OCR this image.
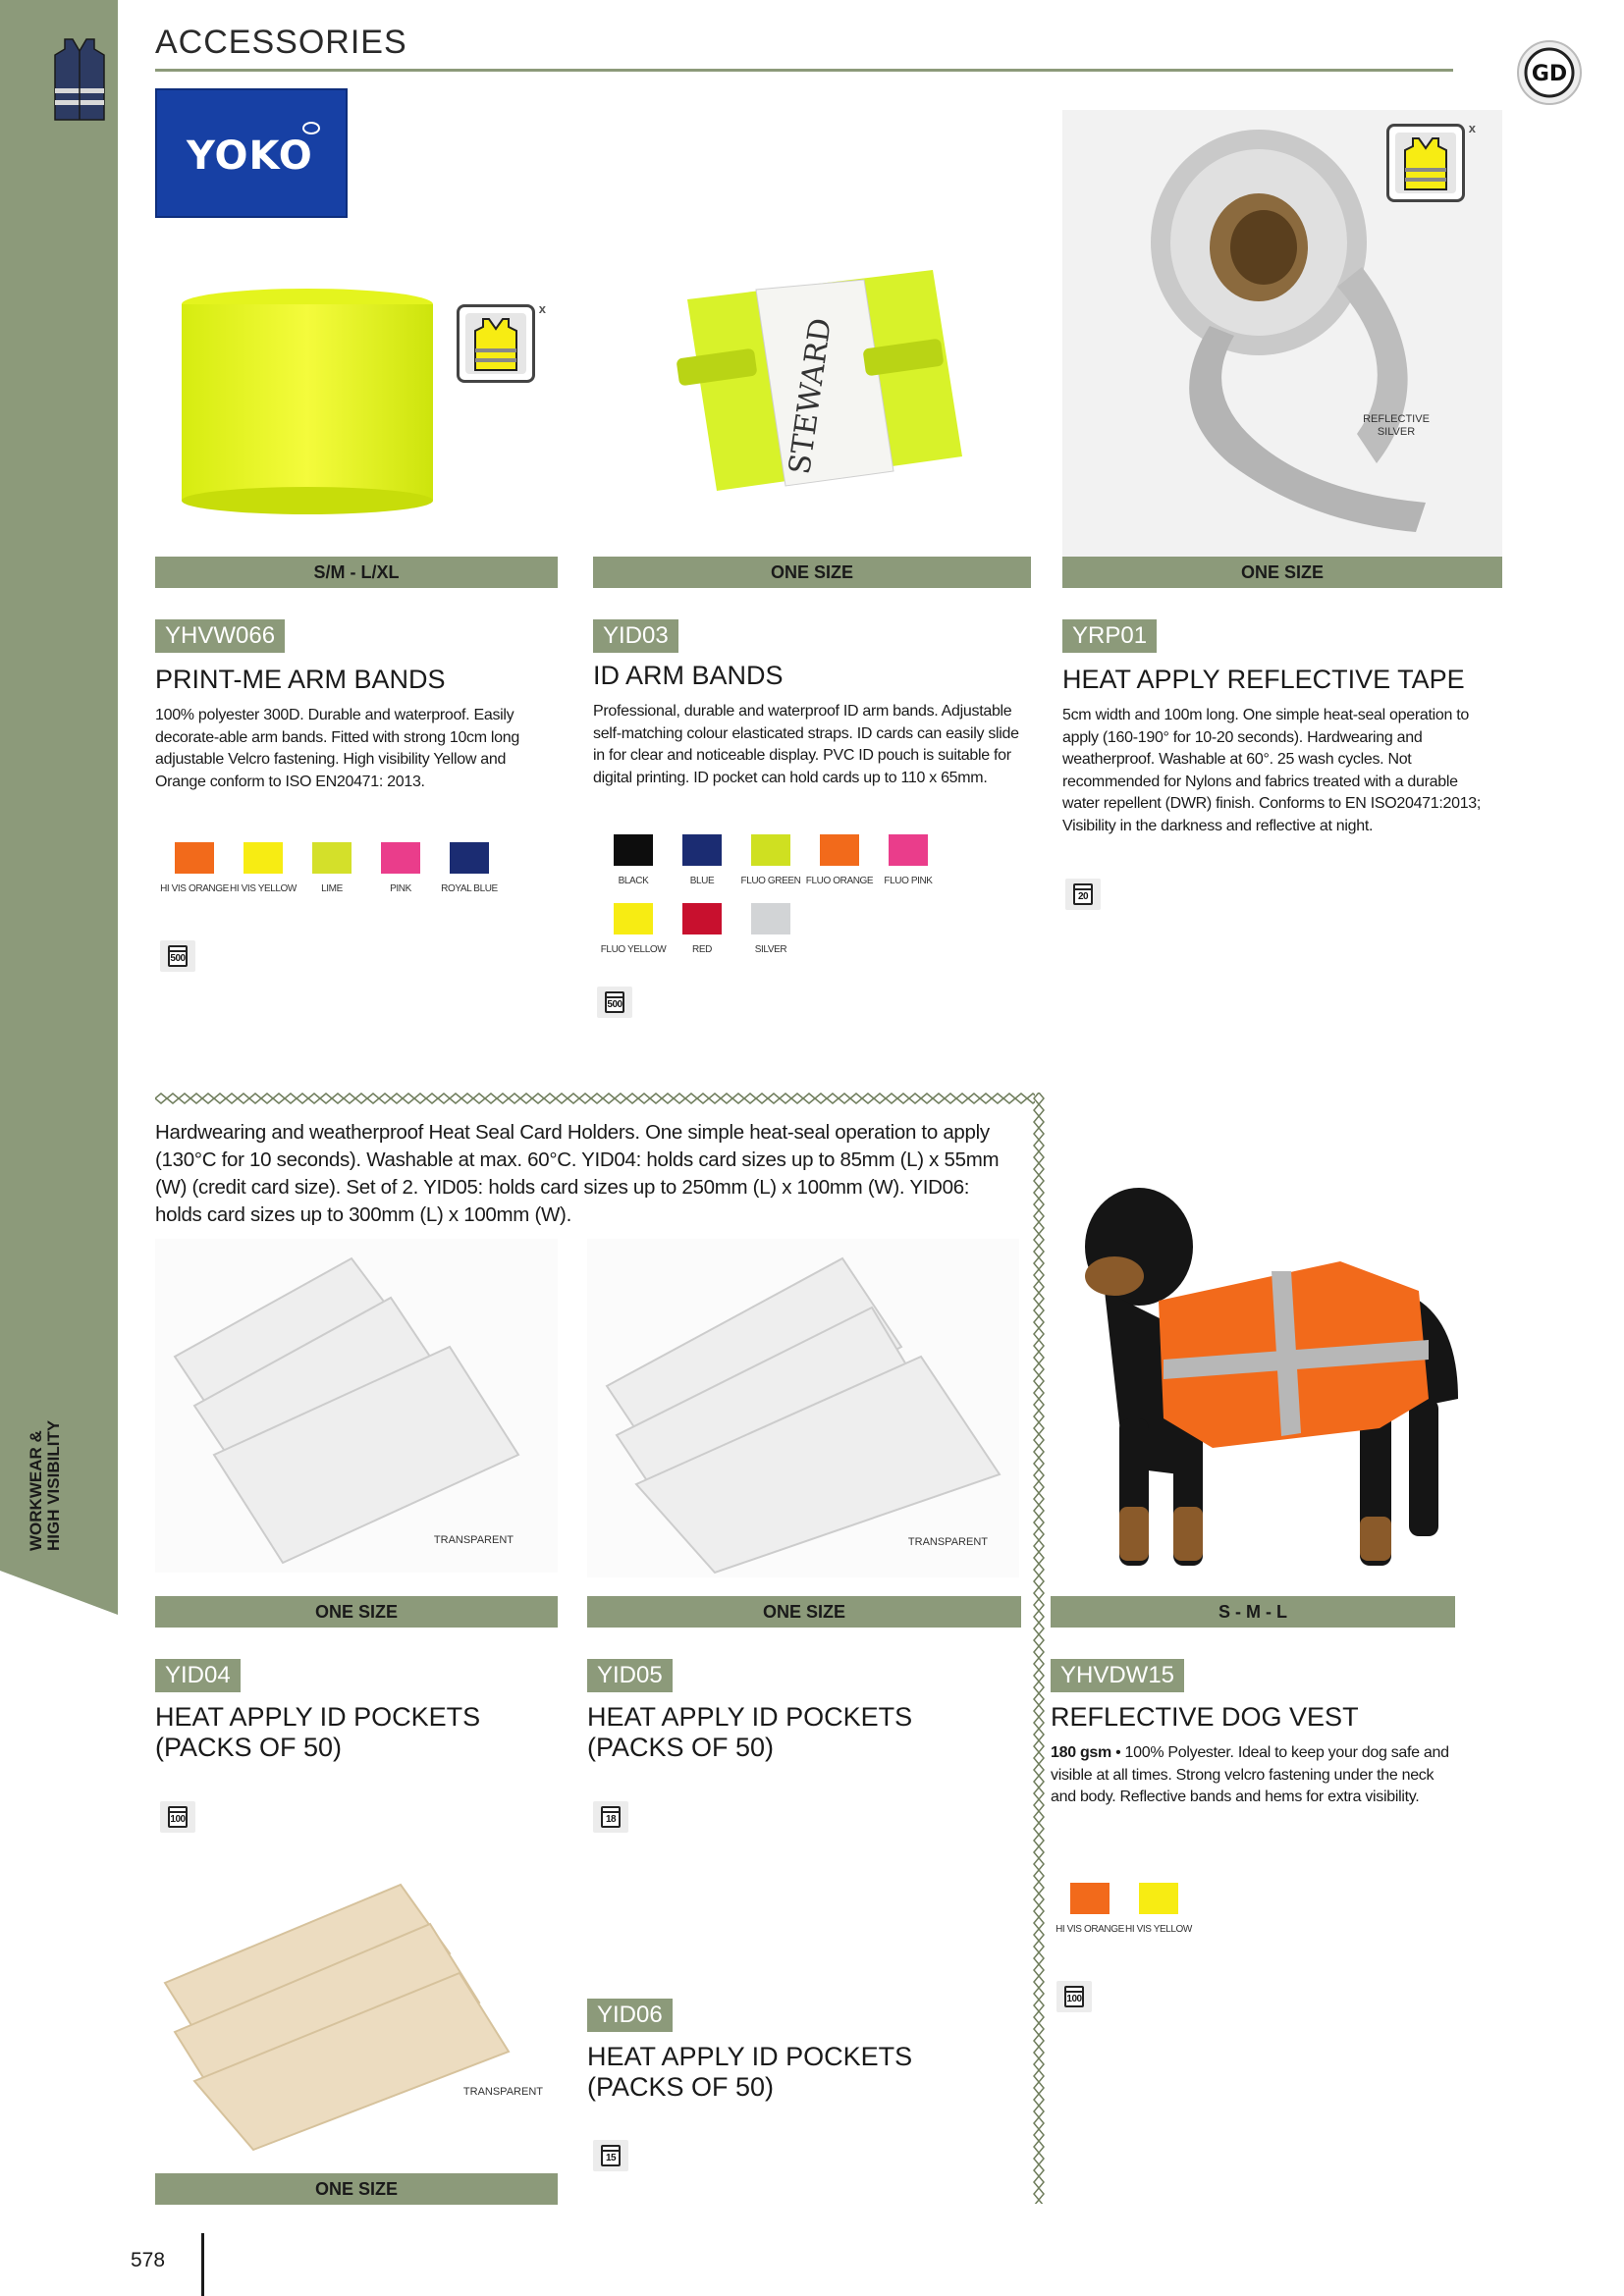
WORKWEAR & HIGH VISIBILITY
ACCESSORIES
GD
YOKO
x
S/M - L/XL
YHVW066
PRINT-ME ARM BANDS
100% polyester 300D. Durable and waterproof. Easily decorate-able arm bands. Fitted with strong 10cm long adjustable Velcro fastening. High visibility Yellow and Orange conform to ISO EN20471: 2013.
HI VIS ORANGE HI VIS YELLOW	LIME	PINK	ROYAL BLUE
500
STEWARD
ONE SIZE
YID03
ID ARM BANDS
Professional, durable and waterproof ID arm bands. Adjustable self-matching colour elasticated straps. ID cards can easily slide in for clear and noticeable display. PVC ID pouch is suitable for digital printing. ID pocket can hold cards up to 110 x 65mm.
BLACK	BLUE	FLUO GREEN FLUO ORANGE	FLUO PINK
FLUO YELLOW	RED	SILVER
500
REFLECTIVE
SILVER
x
ONE SIZE
YRP01
HEAT APPLY REFLECTIVE TAPE
5cm width and 100m long. One simple heat-seal operation to apply (160-190° for 10-20 seconds). Hardwearing and weatherproof. Washable at 60°. 25 wash cycles. Not recommended for Nylons and fabrics treated with a durable water repellent (DWR) finish. Conforms to EN ISO20471:2013; Visibility in the darkness and reflective at night.
20
Hardwearing and weatherproof Heat Seal Card Holders. One simple heat-seal operation to apply (130°C for 10 seconds). Washable at max. 60°C. YID04: holds card sizes up to 85mm (L) x 55mm (W) (credit card size). Set of 2. YID05: holds card sizes up to 250mm (L) x 100mm (W). YID06: holds card sizes up to 300mm (L) x 100mm (W).
TRANSPARENT	TRANSPARENT
ONE SIZE
YID04
HEAT APPLY ID POCKETS
(PACKS OF 50)
100
ONE SIZE
YID05
HEAT APPLY ID POCKETS
(PACKS OF 50)
18
S - M - L
YHVDW15
REFLECTIVE DOG VEST
180 gsm • 100% Polyester. Ideal to keep your dog safe and visible at all times. Strong velcro fastening under the neck and body. Reflective bands and hems for extra visibility.
HI VIS ORANGE HI VIS YELLOW
100
TRANSPARENT
ONE SIZE
YID06
HEAT APPLY ID POCKETS
(PACKS OF 50)
15
578
